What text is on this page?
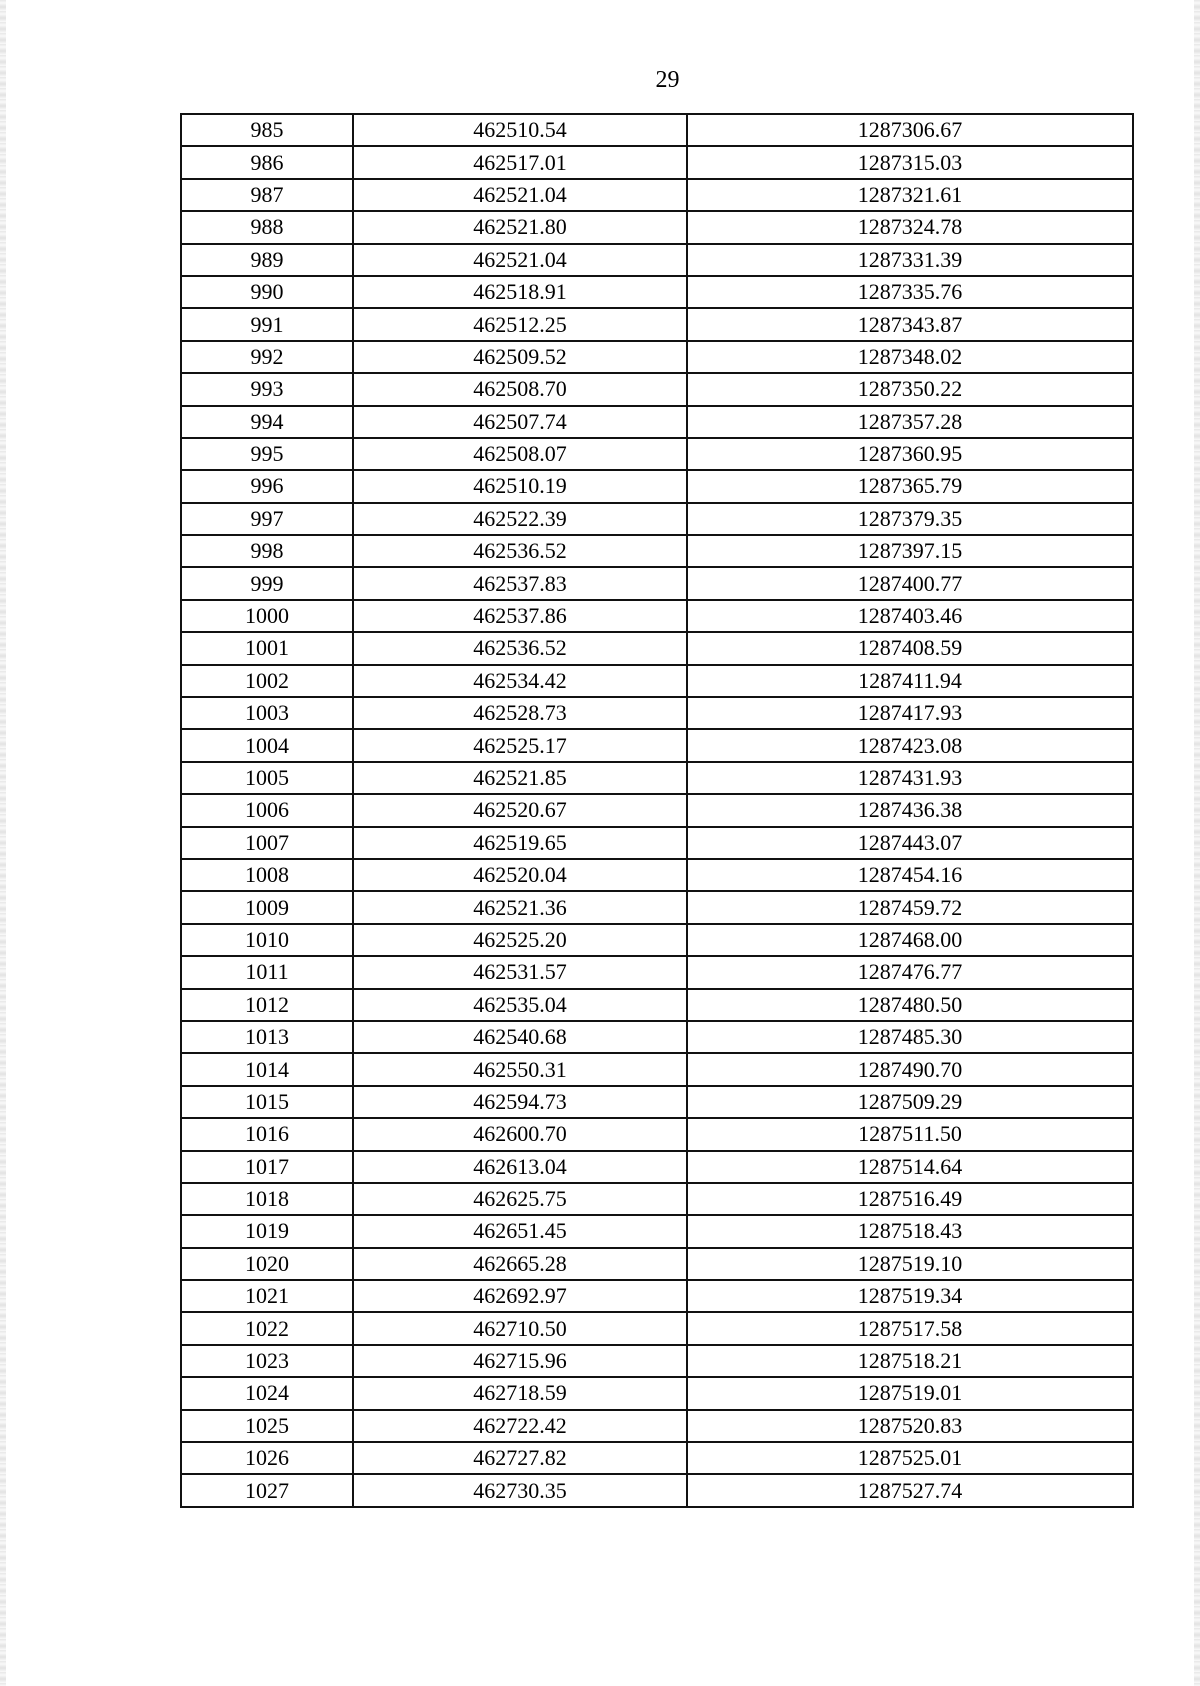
29
985	462510.54	1287306.67
986	462517.01	1287315.03
987	462521.04	1287321.61
988	462521.80	1287324.78
989	462521.04	1287331.39
990	462518.91	1287335.76
991	462512.25	1287343.87
992	462509.52	1287348.02
993	462508.70	1287350.22
994	462507.74	1287357.28
995	462508.07	1287360.95
996	462510.19	1287365.79
997	462522.39	1287379.35
998	462536.52	1287397.15
999	462537.83	1287400.77
1000	462537.86	1287403.46
1001	462536.52	1287408.59
1002	462534.42	1287411.94
1003	462528.73	1287417.93
1004	462525.17	1287423.08
1005	462521.85	1287431.93
1006	462520.67	1287436.38
1007	462519.65	1287443.07
1008	462520.04	1287454.16
1009	462521.36	1287459.72
1010	462525.20	1287468.00
1011	462531.57	1287476.77
1012	462535.04	1287480.50
1013	462540.68	1287485.30
1014	462550.31	1287490.70
1015	462594.73	1287509.29
1016	462600.70	1287511.50
1017	462613.04	1287514.64
1018	462625.75	1287516.49
1019	462651.45	1287518.43
1020	462665.28	1287519.10
1021	462692.97	1287519.34
1022	462710.50	1287517.58
1023	462715.96	1287518.21
1024	462718.59	1287519.01
1025	462722.42	1287520.83
1026	462727.82	1287525.01
1027	462730.35	1287527.74
